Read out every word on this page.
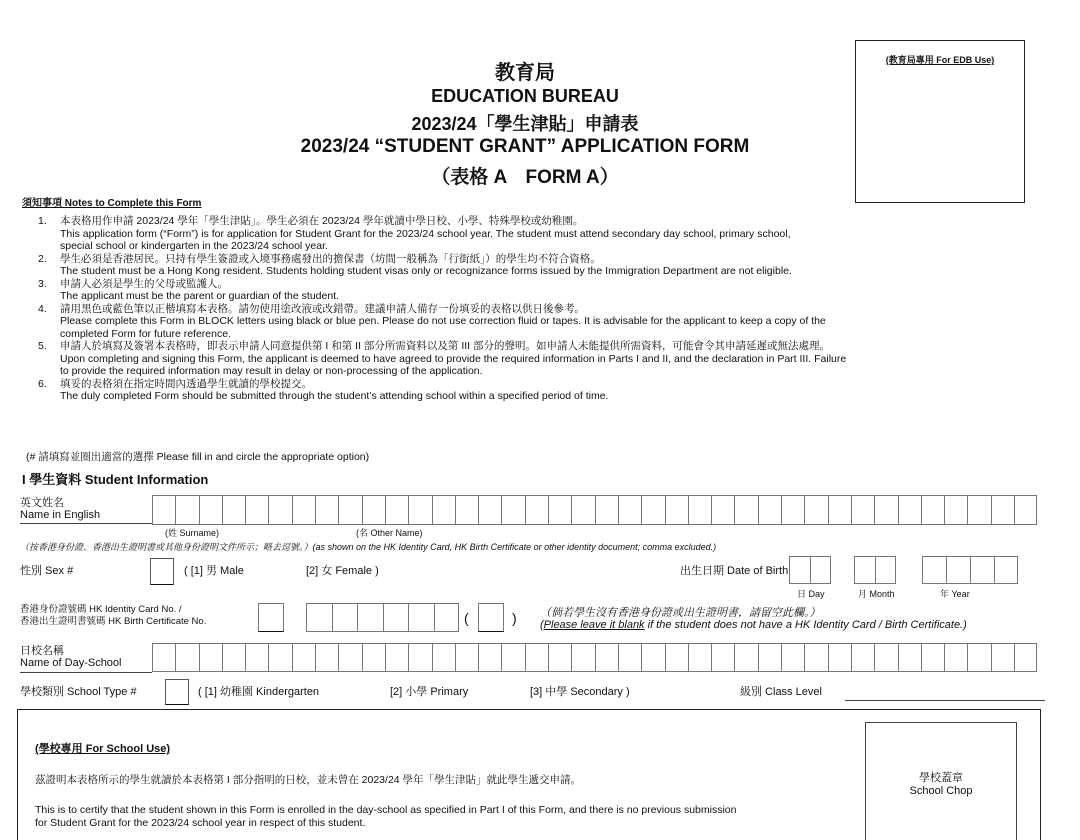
(教育局專用 For EDB Use)
教育局
EDUCATION BUREAU
2023/24「學生津貼」申請表
2023/24 “STUDENT GRANT” APPLICATION FORM
（表格 A　FORM A）
須知事項 Notes to Complete this Form
1. 本表格用作申請 2023/24 學年「學生津貼」。學生必須在 2023/24 學年就讀中學日校、小學、特殊學校或幼稚園。
This application form (“Form”) is for application for Student Grant for the 2023/24 school year. The student must attend secondary day school, primary school,
special school or kindergarten in the 2023/24 school year.
2. 學生必須是香港居民。只持有學生簽證或入境事務處發出的擔保書（坊間一般稱為「行街紙」）的學生均不符合資格。
The student must be a Hong Kong resident. Students holding student visas only or recognizance forms issued by the Immigration Department are not eligible.
3. 申請人必須是學生的父母或監護人。
The applicant must be the parent or guardian of the student.
4. 請用黑色或藍色筆以正楷填寫本表格。請勿使用塗改液或改錯帶。建議申請人備存一份填妥的表格以供日後參考。
Please complete this Form in BLOCK letters using black or blue pen. Please do not use correction fluid or tapes. It is advisable for the applicant to keep a copy of the
completed Form for future reference.
5. 申請人於填寫及簽署本表格時，即表示申請人同意提供第 I 和第 II 部分所需資料以及第 III 部分的聲明。如申請人未能提供所需資料，可能會令其申請延遲或無法處理。
Upon completing and signing this Form, the applicant is deemed to have agreed to provide the required information in Parts I and II, and the declaration in Part III. Failure
to provide the required information may result in delay or non-processing of the application.
6. 填妥的表格須在指定時間內透過學生就讀的學校提交。
The duly completed Form should be submitted through the student’s attending school within a specified period of time.
(# 請填寫並圈出適當的選擇 Please fill in and circle the appropriate option)
I 學生資料 Student Information
英文姓名
Name in English
(姓 Surname)	(名 Other Name)
（按香港身份證、香港出生證明書或其他身份證明文件所示；略去逗號。）(as shown on the HK Identity Card, HK Birth Certificate or other identity document; comma excluded.)
性別 Sex #	( [1] 男 Male	[2] 女 Female )	出生日期 Date of Birth
日 Day	月 Month	年 Year
香港身份證號碼 HK Identity Card No. /
香港出生證明書號碼 HK Birth Certificate No.	(	) （倘若學生沒有香港身份證或出生證明書，請留空此欄。）
(Please leave it blank if the student does not have a HK Identity Card / Birth Certificate.)
日校名稱
Name of Day-School
學校類別 School Type #	( [1] 幼稚園 Kindergarten	[2] 小學 Primary	[3] 中學 Secondary )	級別 Class Level
(學校專用 For School Use)
茲證明本表格所示的學生就讀於本表格第 I 部分指明的日校，並未曾在 2023/24 學年「學生津貼」就此學生遞交申請。
This is to certify that the student shown in this Form is enrolled in the day-school as specified in Part I of this Form, and there is no previous submission
for Student Grant for the 2023/24 school year in respect of this student.
學校蓋章
School Chop
